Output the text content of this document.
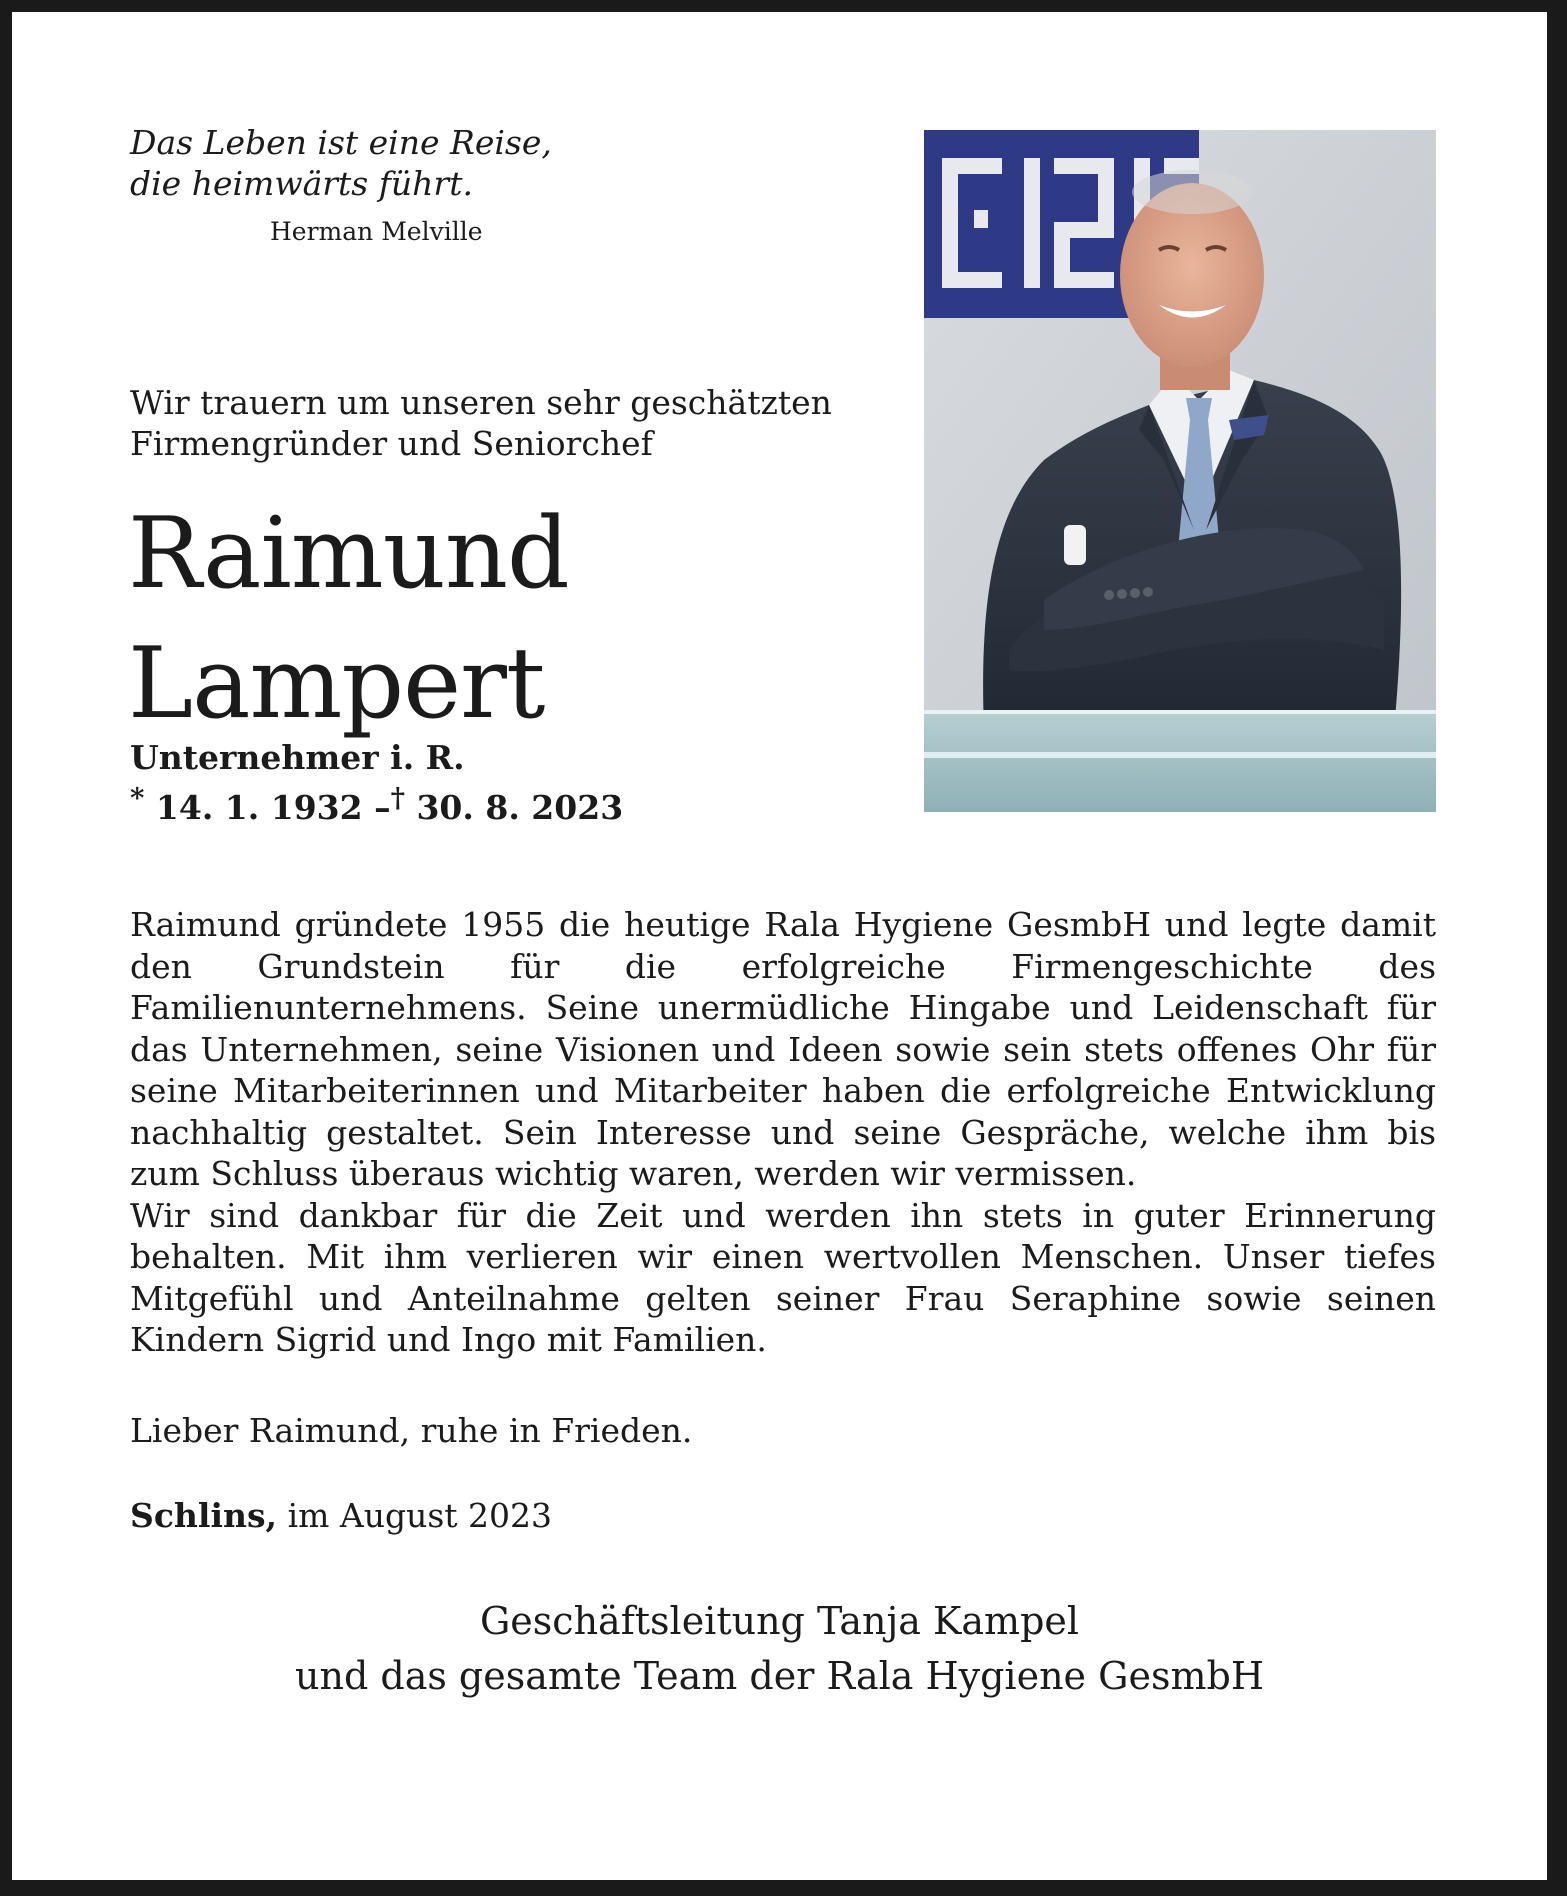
Das Leben ist eine Reise,
die heimwärts führt.
Herman Melville
Wir trauern um unseren sehr geschätzten
Firmengründer und Seniorchef
Raimund
Lampert
Unternehmer i. R.
* 14. 1. 1932 –† 30. 8. 2023

Raimund gründete 1955 die heutige Rala Hygiene GesmbH und legte damit den Grundstein für die erfolgreiche Firmengeschichte des Familienunternehmens. Seine unermüdliche Hingabe und Leidenschaft für das Unternehmen, seine Visionen und Ideen sowie sein stets offenes Ohr für seine Mitarbeiterinnen und Mitarbeiter haben die erfolgreiche Entwicklung nachhaltig gestaltet. Sein Interesse und seine Gespräche, welche ihm bis zum Schluss überaus wichtig waren, werden wir vermissen.

Wir sind dankbar für die Zeit und werden ihn stets in guter Erinnerung behalten. Mit ihm verlieren wir einen wertvollen Menschen. Unser tiefes Mitgefühl und Anteilnahme gelten seiner Frau Seraphine sowie seinen Kindern Sigrid und Ingo mit Familien.

Lieber Raimund, ruhe in Frieden.
Schlins, im August 2023
Geschäftsleitung Tanja Kampel
und das gesamte Team der Rala Hygiene GesmbH
